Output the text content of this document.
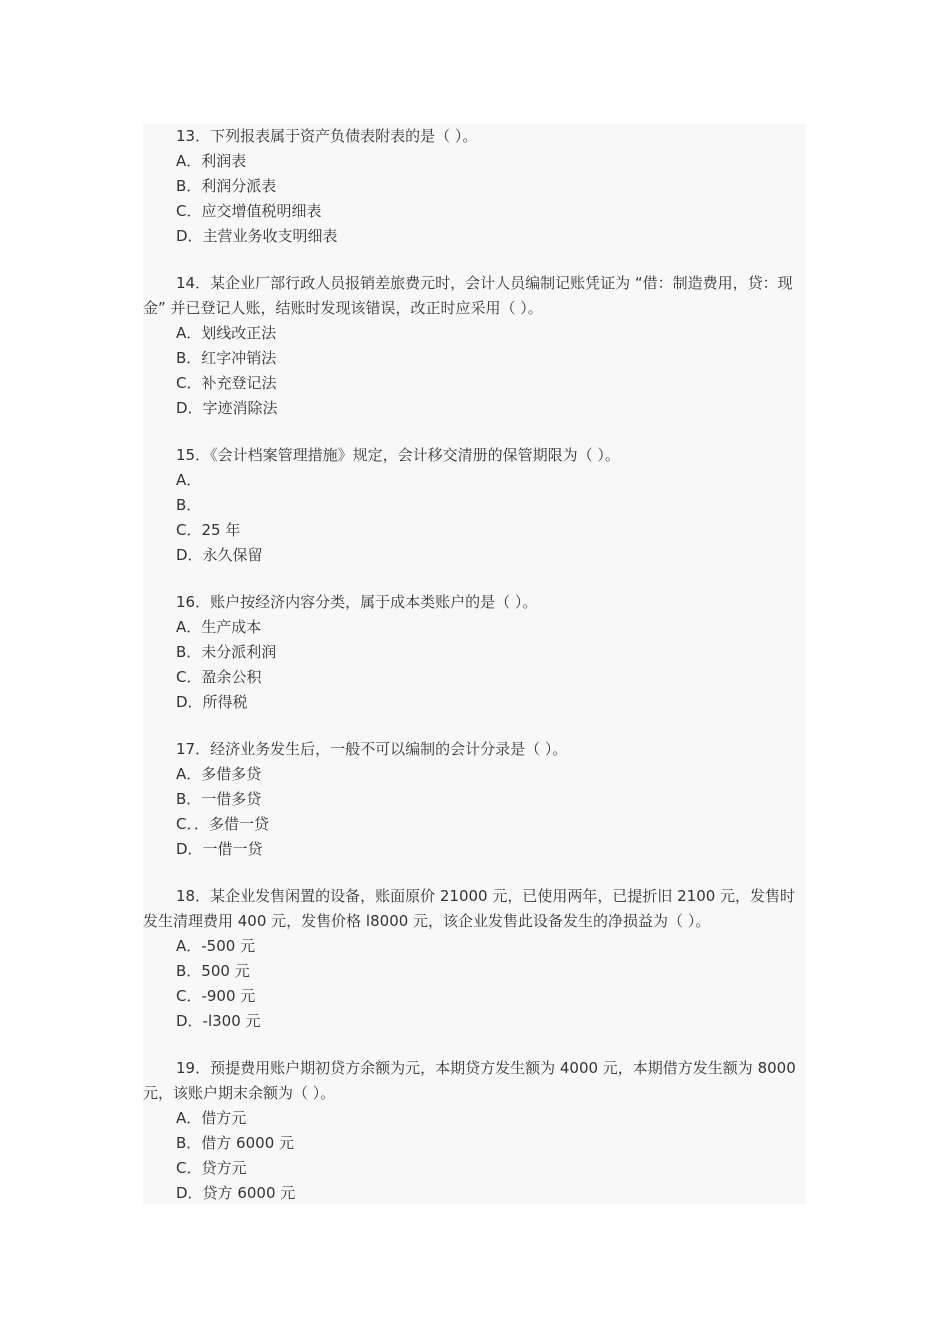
13．下列报表属于资产负债表附表的是（ ）。

A．利润表

B．利润分派表

C．应交增值税明细表

D．主营业务收支明细表

14．某企业厂部行政人员报销差旅费元时，会计人员编制记账凭证为 “借：制造费用，贷：现金” 并已登记人账，结账时发现该错误，改正时应采用（ ）。

A．划线改正法

B．红字冲销法

C．补充登记法

D．字迹消除法

15．《会计档案管理措施》规定，会计移交清册的保管期限为（ ）。

A．

B．

C．25 年

D．永久保留

16．账户按经济内容分类，属于成本类账户的是（ ）。

A．生产成本

B．未分派利润

C．盈余公积

D．所得税

17．经济业务发生后，一般不可以编制的会计分录是（ ）。

A．多借多贷

B．一借多贷

C．．多借一贷

D．一借一贷

18．某企业发售闲置的设备，账面原价 21000 元，已使用两年，已提折旧 2100 元，发售时发生清理费用 400 元，发售价格 l8000 元，该企业发售此设备发生的净损益为（ ）。

A．-500 元

B．500 元

C．-900 元

D．-l300 元

19．预提费用账户期初贷方余额为元，本期贷方发生额为 4000 元，本期借方发生额为 8000 元，该账户期末余额为（ ）。

A．借方元

B．借方 6000 元

C．贷方元

D．贷方 6000 元
